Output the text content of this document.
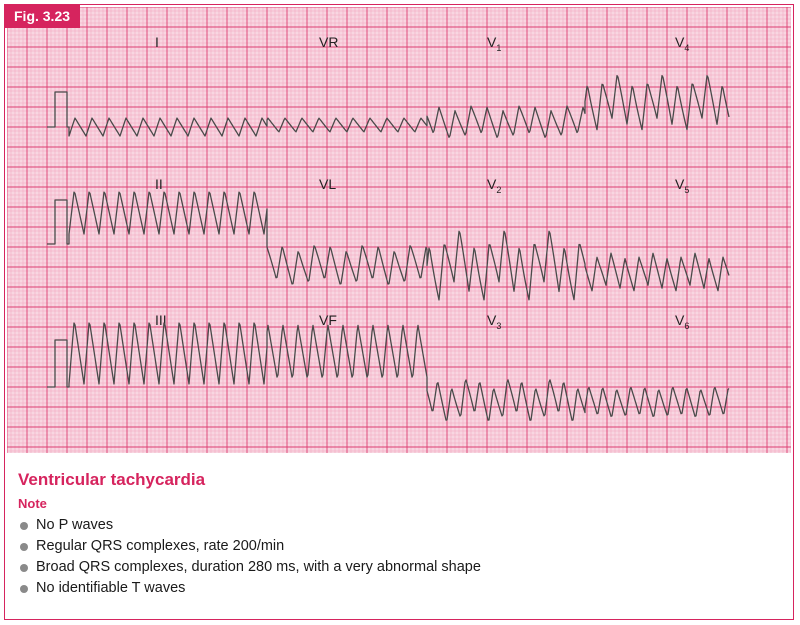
Fig. 3.23
I	VR	$V_1$	$V_4$
II	VL	$V_2$	$V_5$
III	VF	$V_3$	$V_6$
Ventricular tachycardia
Note
No P waves
Regular QRS complexes, rate 200/min
Broad QRS complexes, duration 280 ms, with a very abnormal shape
No identifiable T waves
